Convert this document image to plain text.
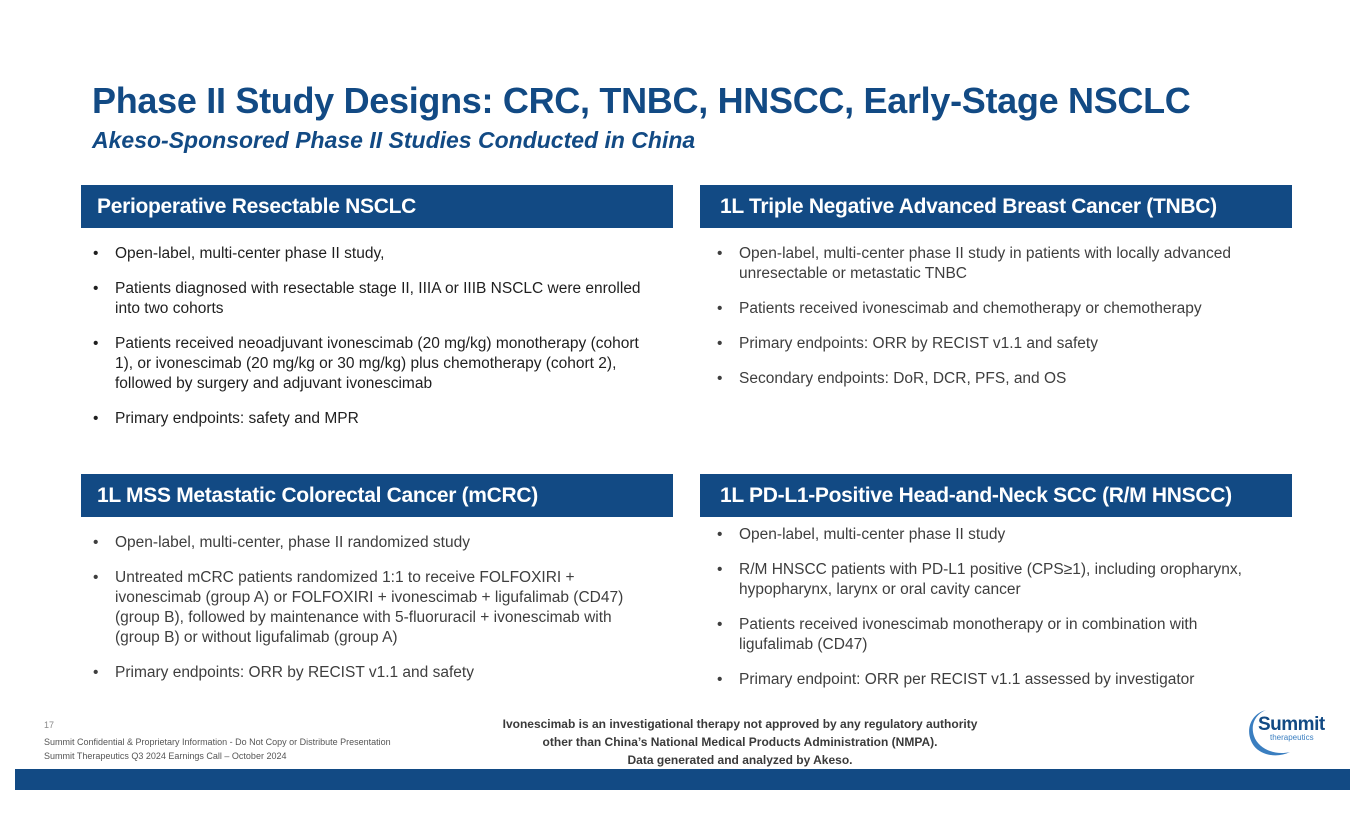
Phase II Study Designs: CRC, TNBC, HNSCC, Early-Stage NSCLC
Akeso-Sponsored Phase II Studies Conducted in China
Perioperative Resectable NSCLC
• Open-label, multi-center phase II study,
• Patients diagnosed with resectable stage II, IIIA or IIIB NSCLC were enrolled into two cohorts
• Patients received neoadjuvant ivonescimab (20 mg/kg) monotherapy (cohort 1), or ivonescimab (20 mg/kg or 30 mg/kg) plus chemotherapy (cohort 2), followed by surgery and adjuvant ivonescimab
• Primary endpoints: safety and MPR
1L Triple Negative Advanced Breast Cancer (TNBC)
• Open-label, multi-center phase II study in patients with locally advanced unresectable or metastatic TNBC
• Patients received ivonescimab and chemotherapy or chemotherapy
• Primary endpoints: ORR by RECIST v1.1 and safety
• Secondary endpoints: DoR, DCR, PFS, and OS
1L MSS Metastatic Colorectal Cancer (mCRC)
• Open-label, multi-center, phase II randomized study
• Untreated mCRC patients randomized 1:1 to receive FOLFOXIRI + ivonescimab (group A) or FOLFOXIRI + ivonescimab + ligufalimab (CD47) (group B), followed by maintenance with 5-fluoruracil + ivonescimab with (group B) or without ligufalimab (group A)
• Primary endpoints: ORR by RECIST v1.1 and safety
1L PD-L1-Positive Head-and-Neck SCC (R/M HNSCC)
• Open-label, multi-center phase II study
• R/M HNSCC patients with PD-L1 positive (CPS≥1), including oropharynx, hypopharynx, larynx or oral cavity cancer
• Patients received ivonescimab monotherapy or in combination with ligufalimab (CD47)
• Primary endpoint: ORR per RECIST v1.1 assessed by investigator
17
Summit Confidential & Proprietary Information - Do Not Copy or Distribute Presentation
Summit Therapeutics Q3 2024 Earnings Call – October 2024
Ivonescimab is an investigational therapy not approved by any regulatory authority
other than China’s National Medical Products Administration (NMPA).
Data generated and analyzed by Akeso.
Summit
therapeutics
